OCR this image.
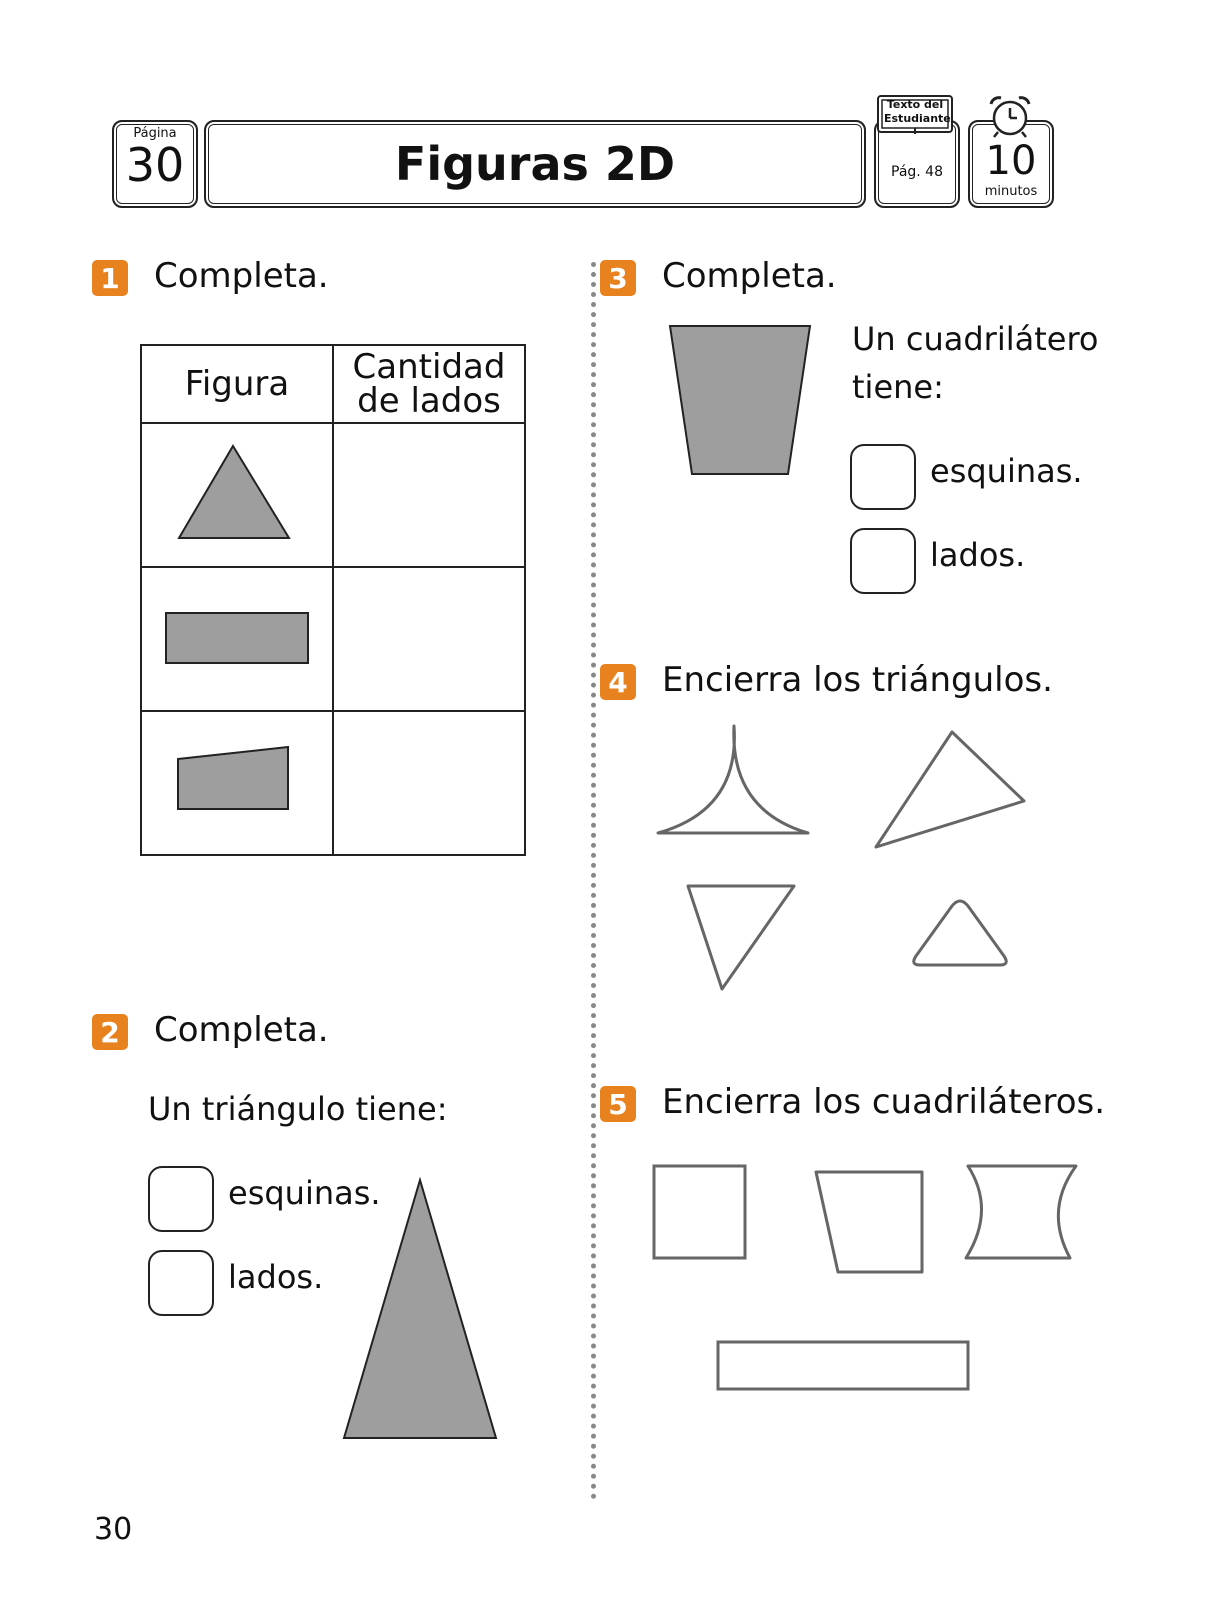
Página
30	Figuras 2D	Pág. 48
Texto del Estudiante
10
minutos
1 Completa.
Figura	Cantidad de lados

2 Completa.
Un triángulo tiene:
esquinas.
lados.
3 Completa.
Un cuadrilátero
tiene:
esquinas.
lados.
4 Encierra los triángulos.
5 Encierra los cuadriláteros.
30
